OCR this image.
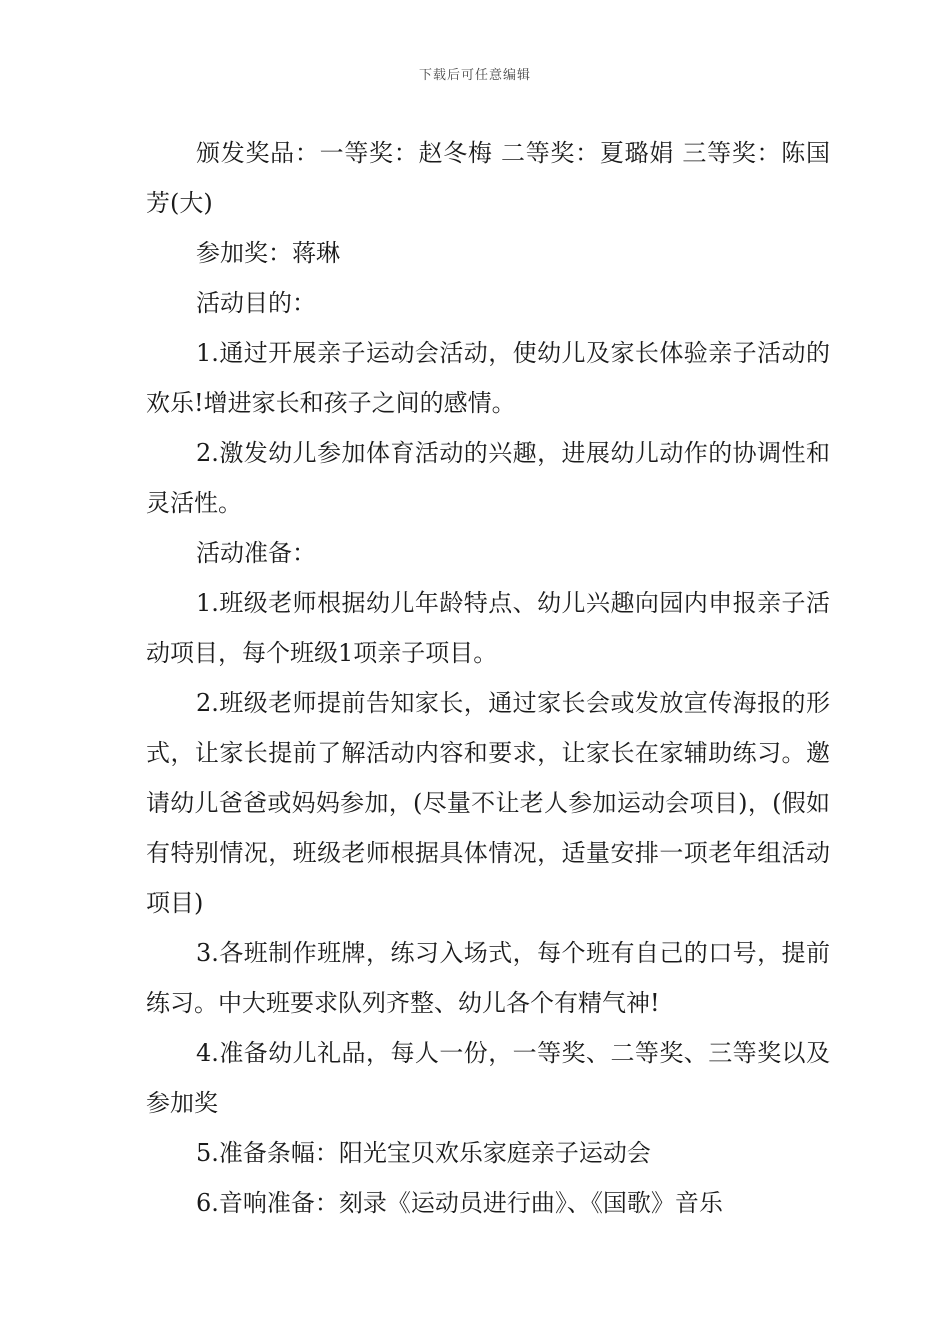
下载后可任意编辑

颁发奖品：一等奖：赵冬梅 二等奖：夏璐娟 三等奖：陈国芳(大)

参加奖：蒋琳

活动目的：

1.通过开展亲子运动会活动，使幼儿及家长体验亲子活动的欢乐!增进家长和孩子之间的感情。

2.激发幼儿参加体育活动的兴趣，进展幼儿动作的协调性和灵活性。

活动准备：

1.班级老师根据幼儿年龄特点、幼儿兴趣向园内申报亲子活动项目，每个班级1项亲子项目。

2.班级老师提前告知家长，通过家长会或发放宣传海报的形式，让家长提前了解活动内容和要求，让家长在家辅助练习。邀请幼儿爸爸或妈妈参加，(尽量不让老人参加运动会项目)，(假如有特别情况，班级老师根据具体情况，适量安排一项老年组活动项目)

3.各班制作班牌，练习入场式，每个班有自己的口号，提前练习。中大班要求队列齐整、幼儿各个有精气神!

4.准备幼儿礼品，每人一份，一等奖、二等奖、三等奖以及参加奖

5.准备条幅：阳光宝贝欢乐家庭亲子运动会

6.音响准备：刻录《运动员进行曲》、《国歌》音乐
